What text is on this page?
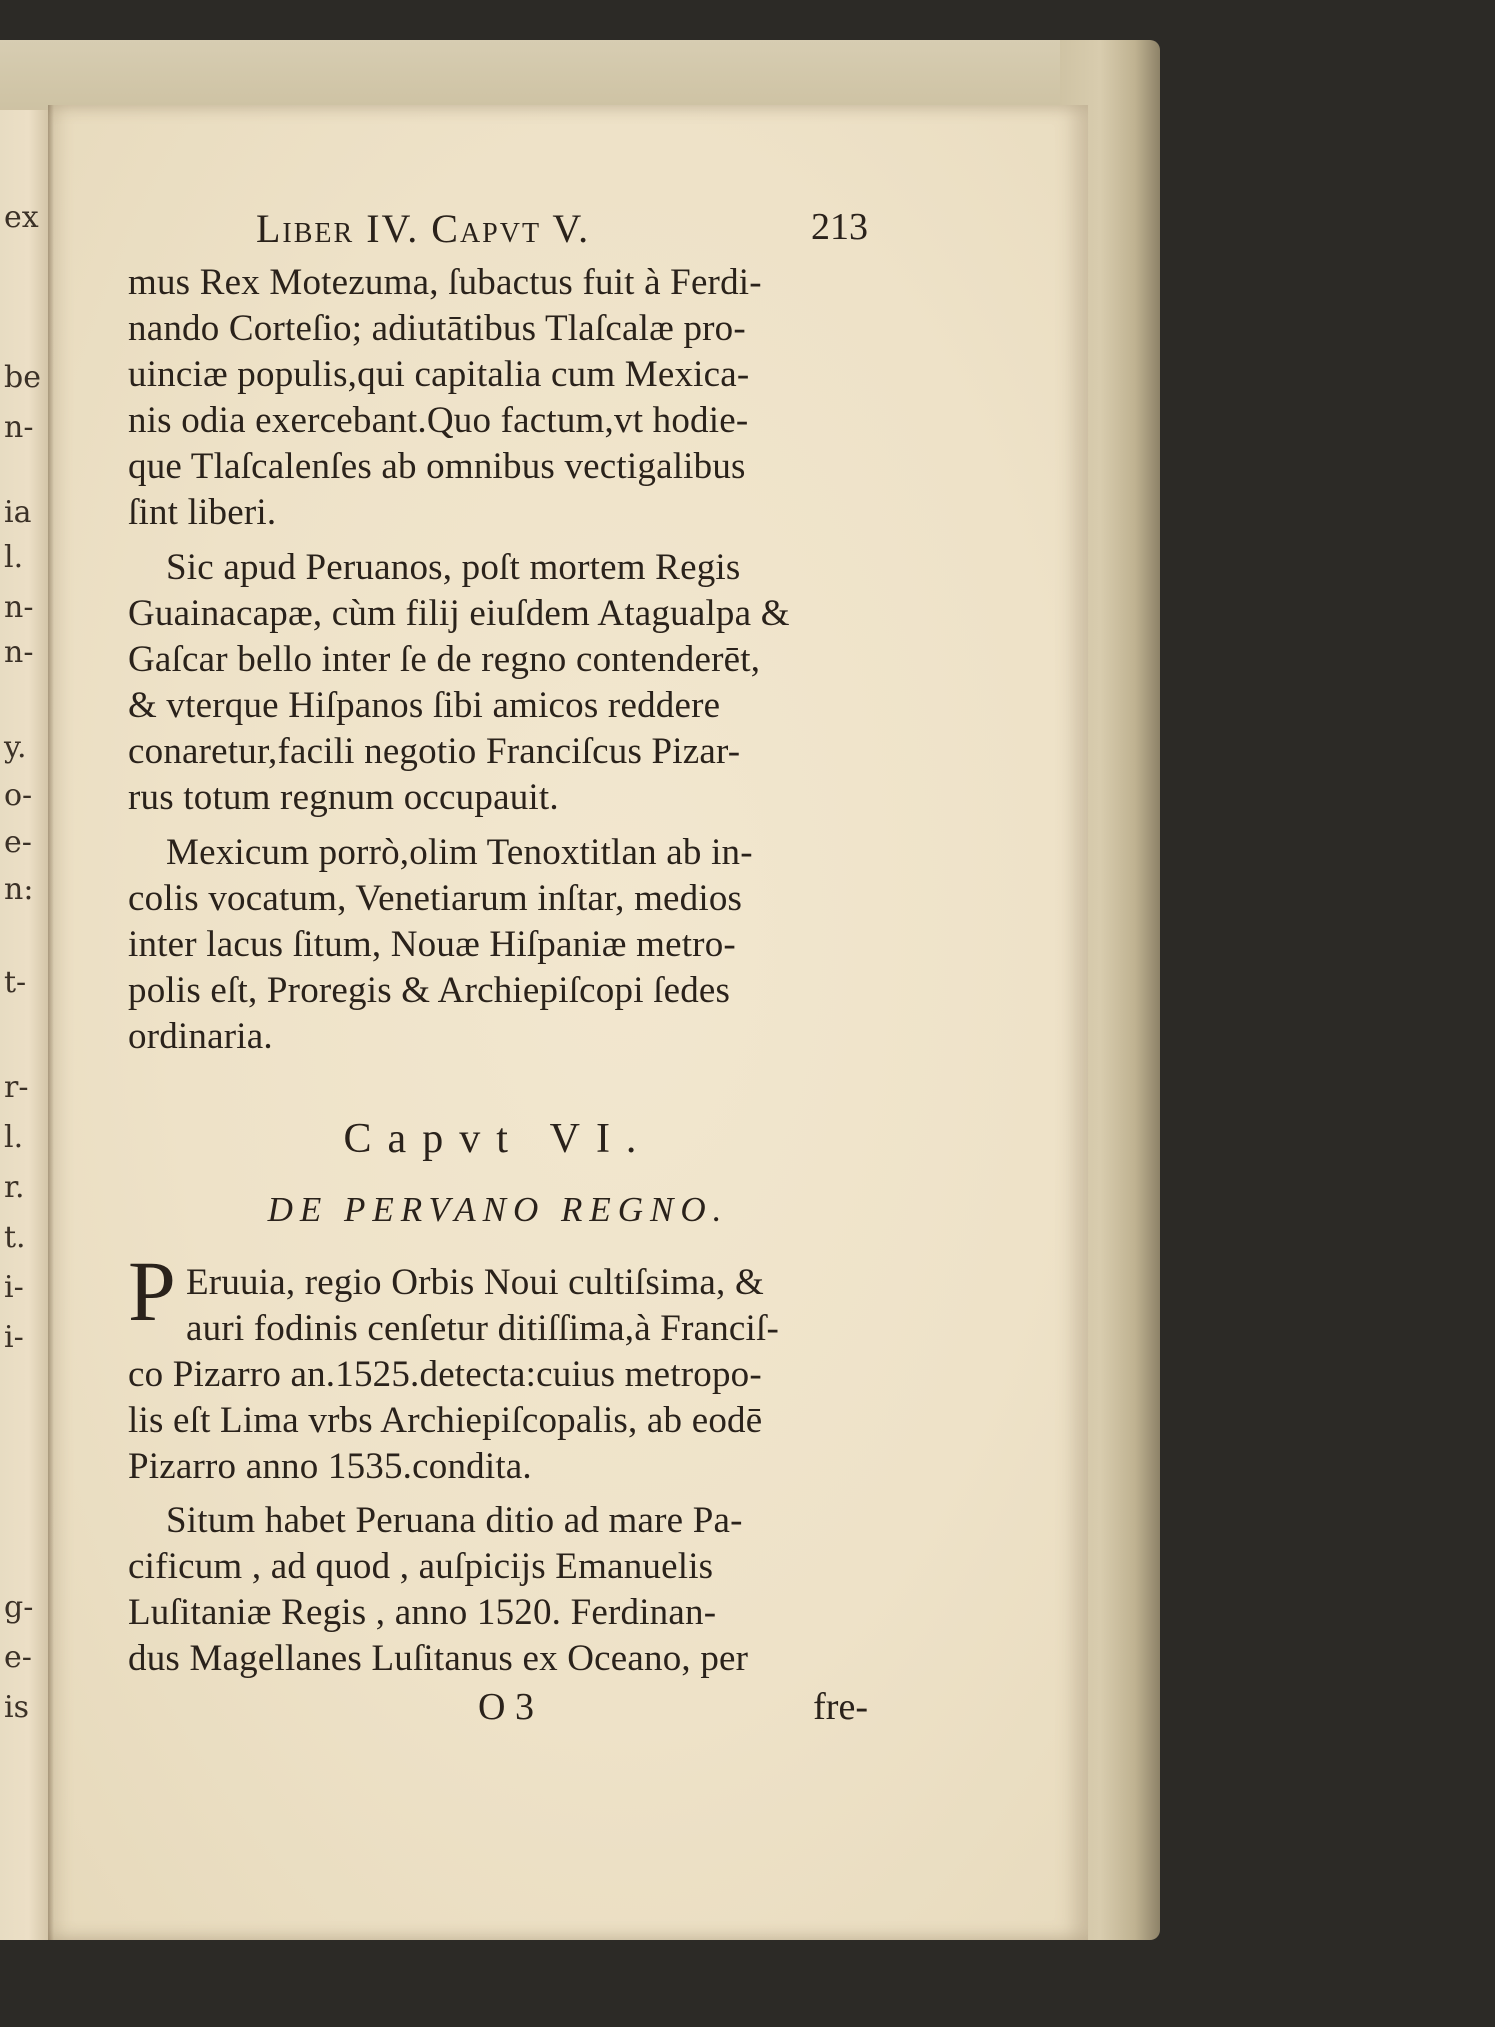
ex
be
n-
ia
l.
n-
n-
y.
o-
e-
n:
t-
r-
l.
r.
t.
i-
i-
g-
e-
is
Liber IV. Capvt V.	213
mus Rex Motezuma, ſubactus fuit à Ferdi-
nando Corteſio; adiutātibus Tlaſcalæ pro-
uinciæ populis,qui capitalia cum Mexica-
nis odia exercebant.Quo factum,vt hodie-
que Tlaſcalenſes ab omnibus vectigalibus
ſint liberi.
Sic apud Peruanos, poſt mortem Regis
Guainacapæ, cùm filij eiuſdem Atagualpa &
Gaſcar bello inter ſe de regno contenderēt,
& vterque Hiſpanos ſibi amicos reddere
conaretur,facili negotio Franciſcus Pizar-
rus totum regnum occupauit.
Mexicum porrò,olim Tenoxtitlan ab in-
colis vocatum, Venetiarum inſtar, medios
inter lacus ſitum, Nouæ Hiſpaniæ metro-
polis eſt, Proregis & Archiepiſcopi ſedes
ordinaria.
Capvt VI.
DE PERVANO REGNO.
P Eruuia, regio Orbis Noui cultiſsima, &
auri fodinis cenſetur ditiſſima,à Franciſ-
co Pizarro an.1525.detecta:cuius metropo-
lis eſt Lima vrbs Archiepiſcopalis, ab eodē
Pizarro anno 1535.condita.
Situm habet Peruana ditio ad mare Pa-
cificum , ad quod , auſpicijs Emanuelis
Luſitaniæ Regis , anno 1520. Ferdinan-
dus Magellanes Luſitanus ex Oceano, per
O 3	fre-
